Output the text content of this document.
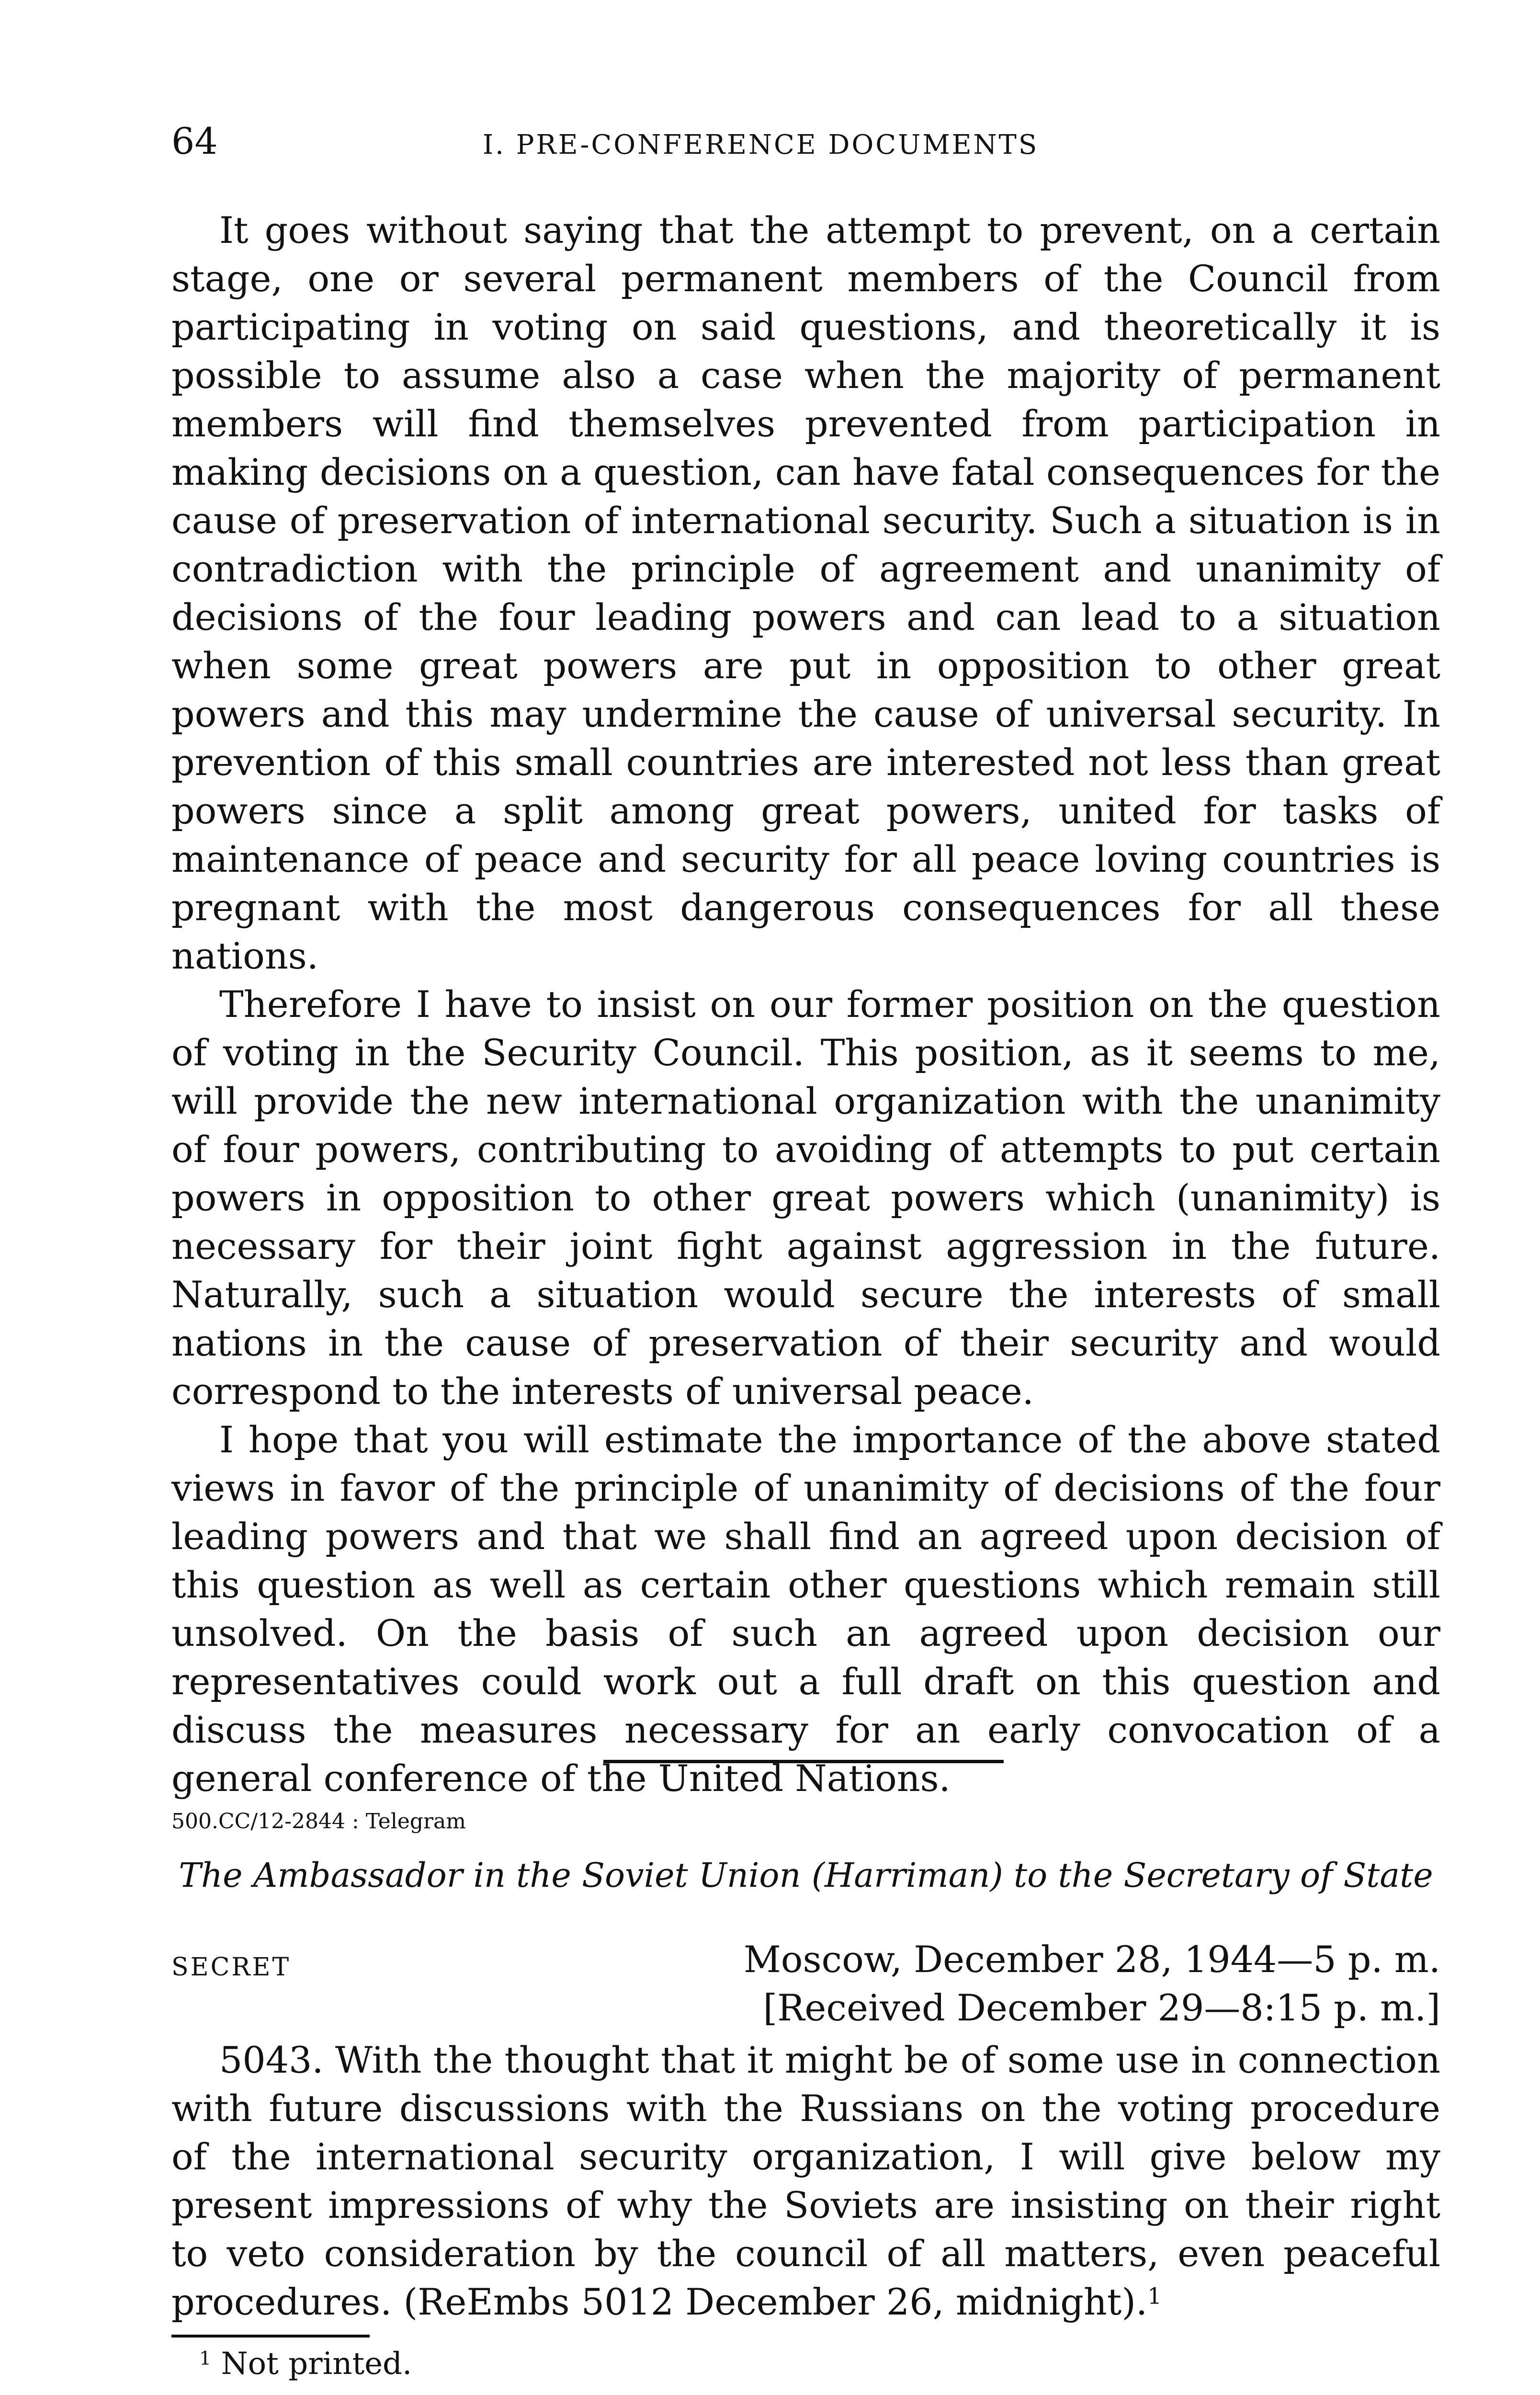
64	I. PRE-CONFERENCE DOCUMENTS

It goes without saying that the attempt to prevent, on a certain stage, one or several permanent members of the Council from participating in voting on said questions, and theoretically it is possible to assume also a case when the majority of permanent members will find themselves prevented from participation in making decisions on a question, can have fatal consequences for the cause of preservation of international security. Such a situation is in contradiction with the principle of agreement and unanimity of decisions of the four leading powers and can lead to a situation when some great powers are put in opposition to other great powers and this may undermine the cause of universal security. In prevention of this small countries are interested not less than great powers since a split among great powers, united for tasks of maintenance of peace and security for all peace loving countries is pregnant with the most dangerous consequences for all these nations.

Therefore I have to insist on our former position on the question of voting in the Security Council. This position, as it seems to me, will provide the new international organization with the unanimity of four powers, contributing to avoiding of attempts to put certain powers in opposition to other great powers which (unanimity) is necessary for their joint fight against aggression in the future. Naturally, such a situation would secure the interests of small nations in the cause of preservation of their security and would correspond to the interests of universal peace.

I hope that you will estimate the importance of the above stated views in favor of the principle of unanimity of decisions of the four leading powers and that we shall find an agreed upon decision of this question as well as certain other questions which remain still unsolved. On the basis of such an agreed upon decision our representatives could work out a full draft on this question and discuss the measures necessary for an early convocation of a general conference of the United Nations.

500.CC/12-2844 : Telegram
The Ambassador in the Soviet Union (Harriman) to the Secretary of State
SECRET	Moscow, December 28, 1944—5 p. m.
[Received December 29—8:15 p. m.]

5043. With the thought that it might be of some use in connection with future discussions with the Russians on the voting procedure of the international security organization, I will give below my present impressions of why the Soviets are insisting on their right to veto consideration by the council of all matters, even peaceful procedures. (ReEmbs 5012 December 26, midnight).$^1$

$^1$ Not printed.
